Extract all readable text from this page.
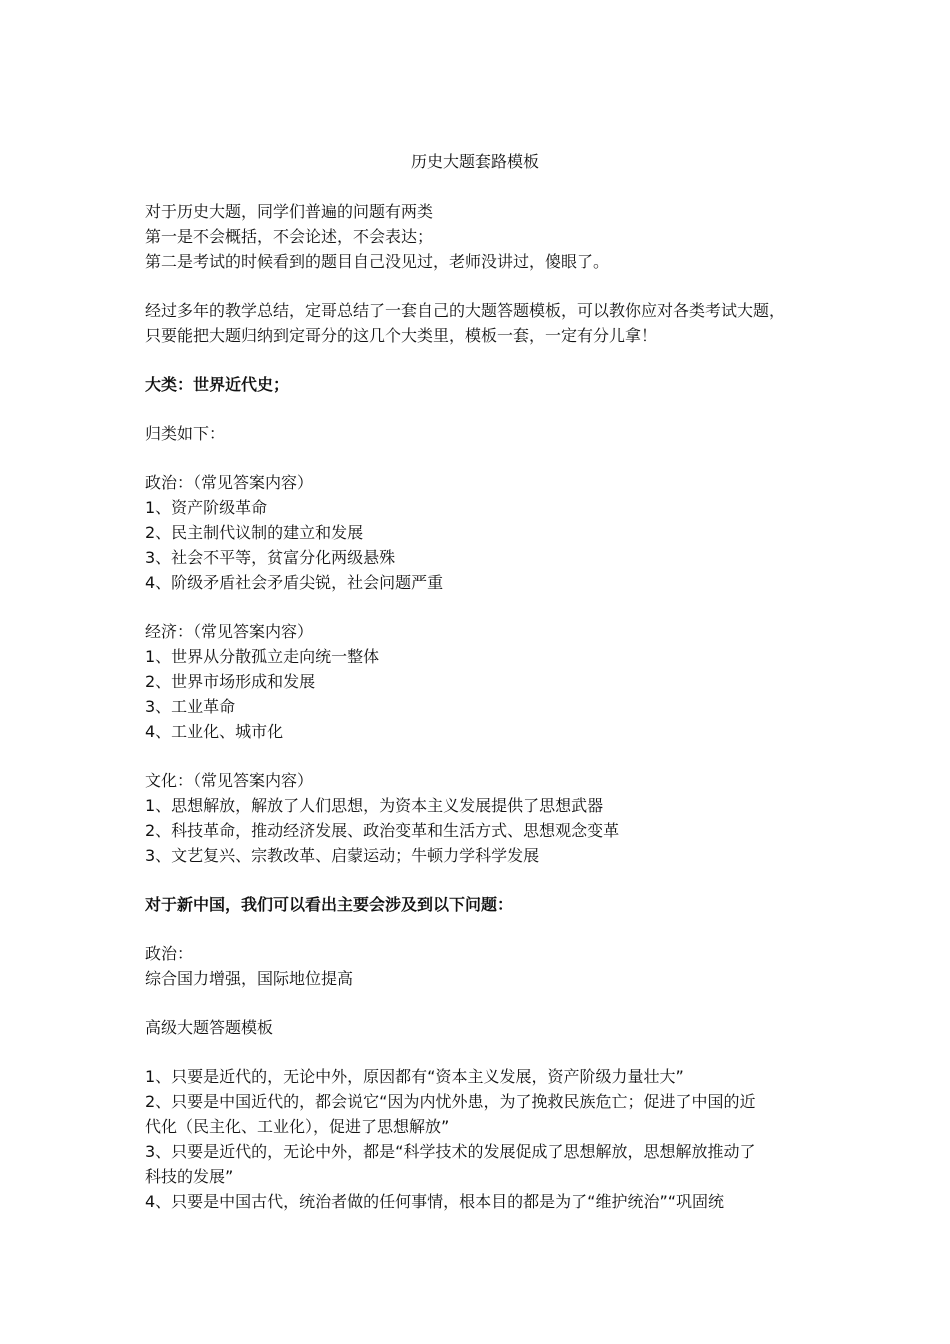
历史大题套路模板

对于历史大题，同学们普遍的问题有两类

第一是不会概括，不会论述，不会表达；

第二是考试的时候看到的题目自己没见过，老师没讲过，傻眼了。

经过多年的教学总结，定哥总结了一套自己的大题答题模板，可以教你应对各类考试大题，

只要能把大题归纳到定哥分的这几个大类里，模板一套，一定有分儿拿！

大类：世界近代史；

归类如下：

政治：（常见答案内容）

1、资产阶级革命

2、民主制代议制的建立和发展

3、社会不平等，贫富分化两级悬殊

4、阶级矛盾社会矛盾尖锐，社会问题严重

经济：（常见答案内容）

1、世界从分散孤立走向统一整体

2、世界市场形成和发展

3、工业革命

4、工业化、城市化

文化：（常见答案内容）

1、思想解放，解放了人们思想，为资本主义发展提供了思想武器

2、科技革命，推动经济发展、政治变革和生活方式、思想观念变革

3、文艺复兴、宗教改革、启蒙运动；牛顿力学科学发展

对于新中国，我们可以看出主要会涉及到以下问题：

政治：

综合国力增强，国际地位提高

高级大题答题模板

1、只要是近代的，无论中外，原因都有“资本主义发展，资产阶级力量壮大”

2、只要是中国近代的，都会说它“因为内忧外患，为了挽救民族危亡；促进了中国的近

代化（民主化、工业化），促进了思想解放”

3、只要是近代的，无论中外，都是“科学技术的发展促成了思想解放，思想解放推动了

科技的发展”

4、只要是中国古代，统治者做的任何事情，根本目的都是为了“维护统治”“巩固统
